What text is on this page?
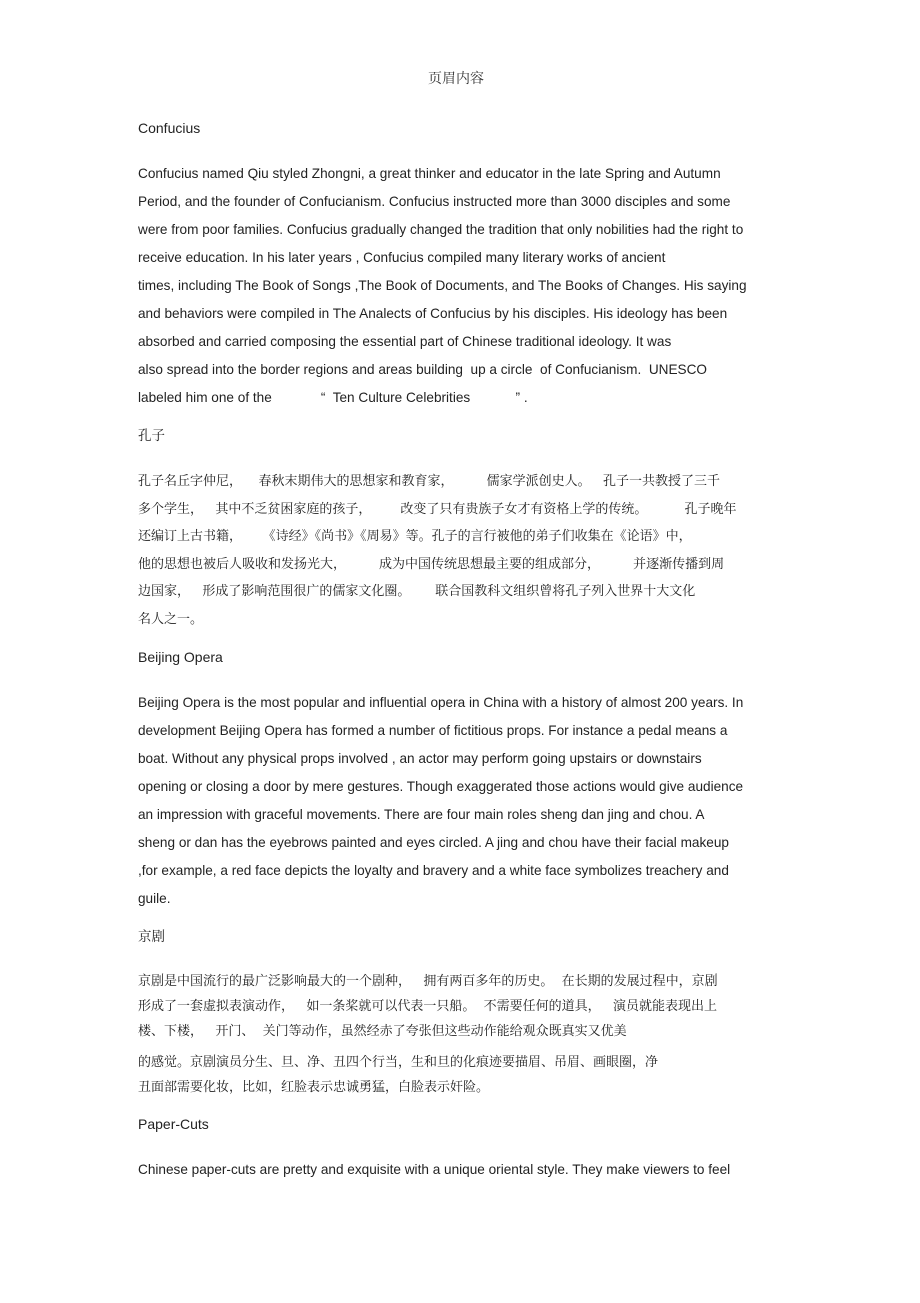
页眉内容
Confucius
Confucius named Qiu styled Zhongni, a great thinker and educator in the late Spring and Autumn
Period, and the founder of Confucianism. Confucius instructed more than 3000 disciples and some
were from poor families. Confucius gradually changed the tradition that only nobilities had the right to
receive education. In his later years , Confucius compiled many literary works of ancient
times, including The Book of Songs ,The Book of Documents, and The Books of Changes. His saying
and behaviors were compiled in The Analects of Confucius by his disciples. His ideology has been
absorbed and carried composing the essential part of Chinese traditional ideology. It was
also spread into the border regions and areas building  up a circle  of Confucianism.  UNESCO
labeled him one of the             “  Ten Culture Celebrities            ” .
孔子
孔子名丘字仲尼，    春秋末期伟大的思想家和教育家，        儒家学派创史人。   孔子一共教授了三千
多个学生，   其中不乏贫困家庭的孩子，       改变了只有贵族子女才有资格上学的传统。         孔子晚年
还编订上古书籍，     《诗经》《尚书》《周易》等。孔子的言行被他的弟子们收集在《论语》中，
他的思想也被后人吸收和发扬光大，        成为中国传统思想最主要的组成部分，        并逐渐传播到周
边国家，   形成了影响范围很广的儒家文化圈。      联合国教科文组织曾将孔子列入世界十大文化
名人之一。
Beijing Opera
Beijing Opera is the most popular and influential opera in China with a history of almost 200 years. In
development Beijing Opera has formed a number of fictitious props. For instance a pedal means a
boat. Without any physical props involved , an actor may perform going upstairs or downstairs
opening or closing a door by mere gestures. Though exaggerated those actions would give audience
an impression with graceful movements. There are four main roles sheng dan jing and chou. A
sheng or dan has the eyebrows painted and eyes circled. A jing and chou have their facial makeup
,for example, a red face depicts the loyalty and bravery and a white face symbolizes treachery and
guile.
京剧
京剧是中国流行的最广泛影响最大的一个剧种，   拥有两百多年的历史。  在长期的发展过程中，京剧
形成了一套虚拟表演动作，   如一条桨就可以代表一只船。  不需要任何的道具，   演员就能表现出上
楼、下楼，   开门、  关门等动作，虽然经赤了夸张但这些动作能给观众既真实又优美
的感觉。京剧演员分生、旦、净、丑四个行当，生和旦的化痕迹要描眉、吊眉、画眼圈，净
丑面部需要化妆，比如，红脸表示忠诚勇猛，白脸表示奸险。
Paper-Cuts
Chinese paper-cuts are pretty and exquisite with a unique oriental style. They make viewers to feel
